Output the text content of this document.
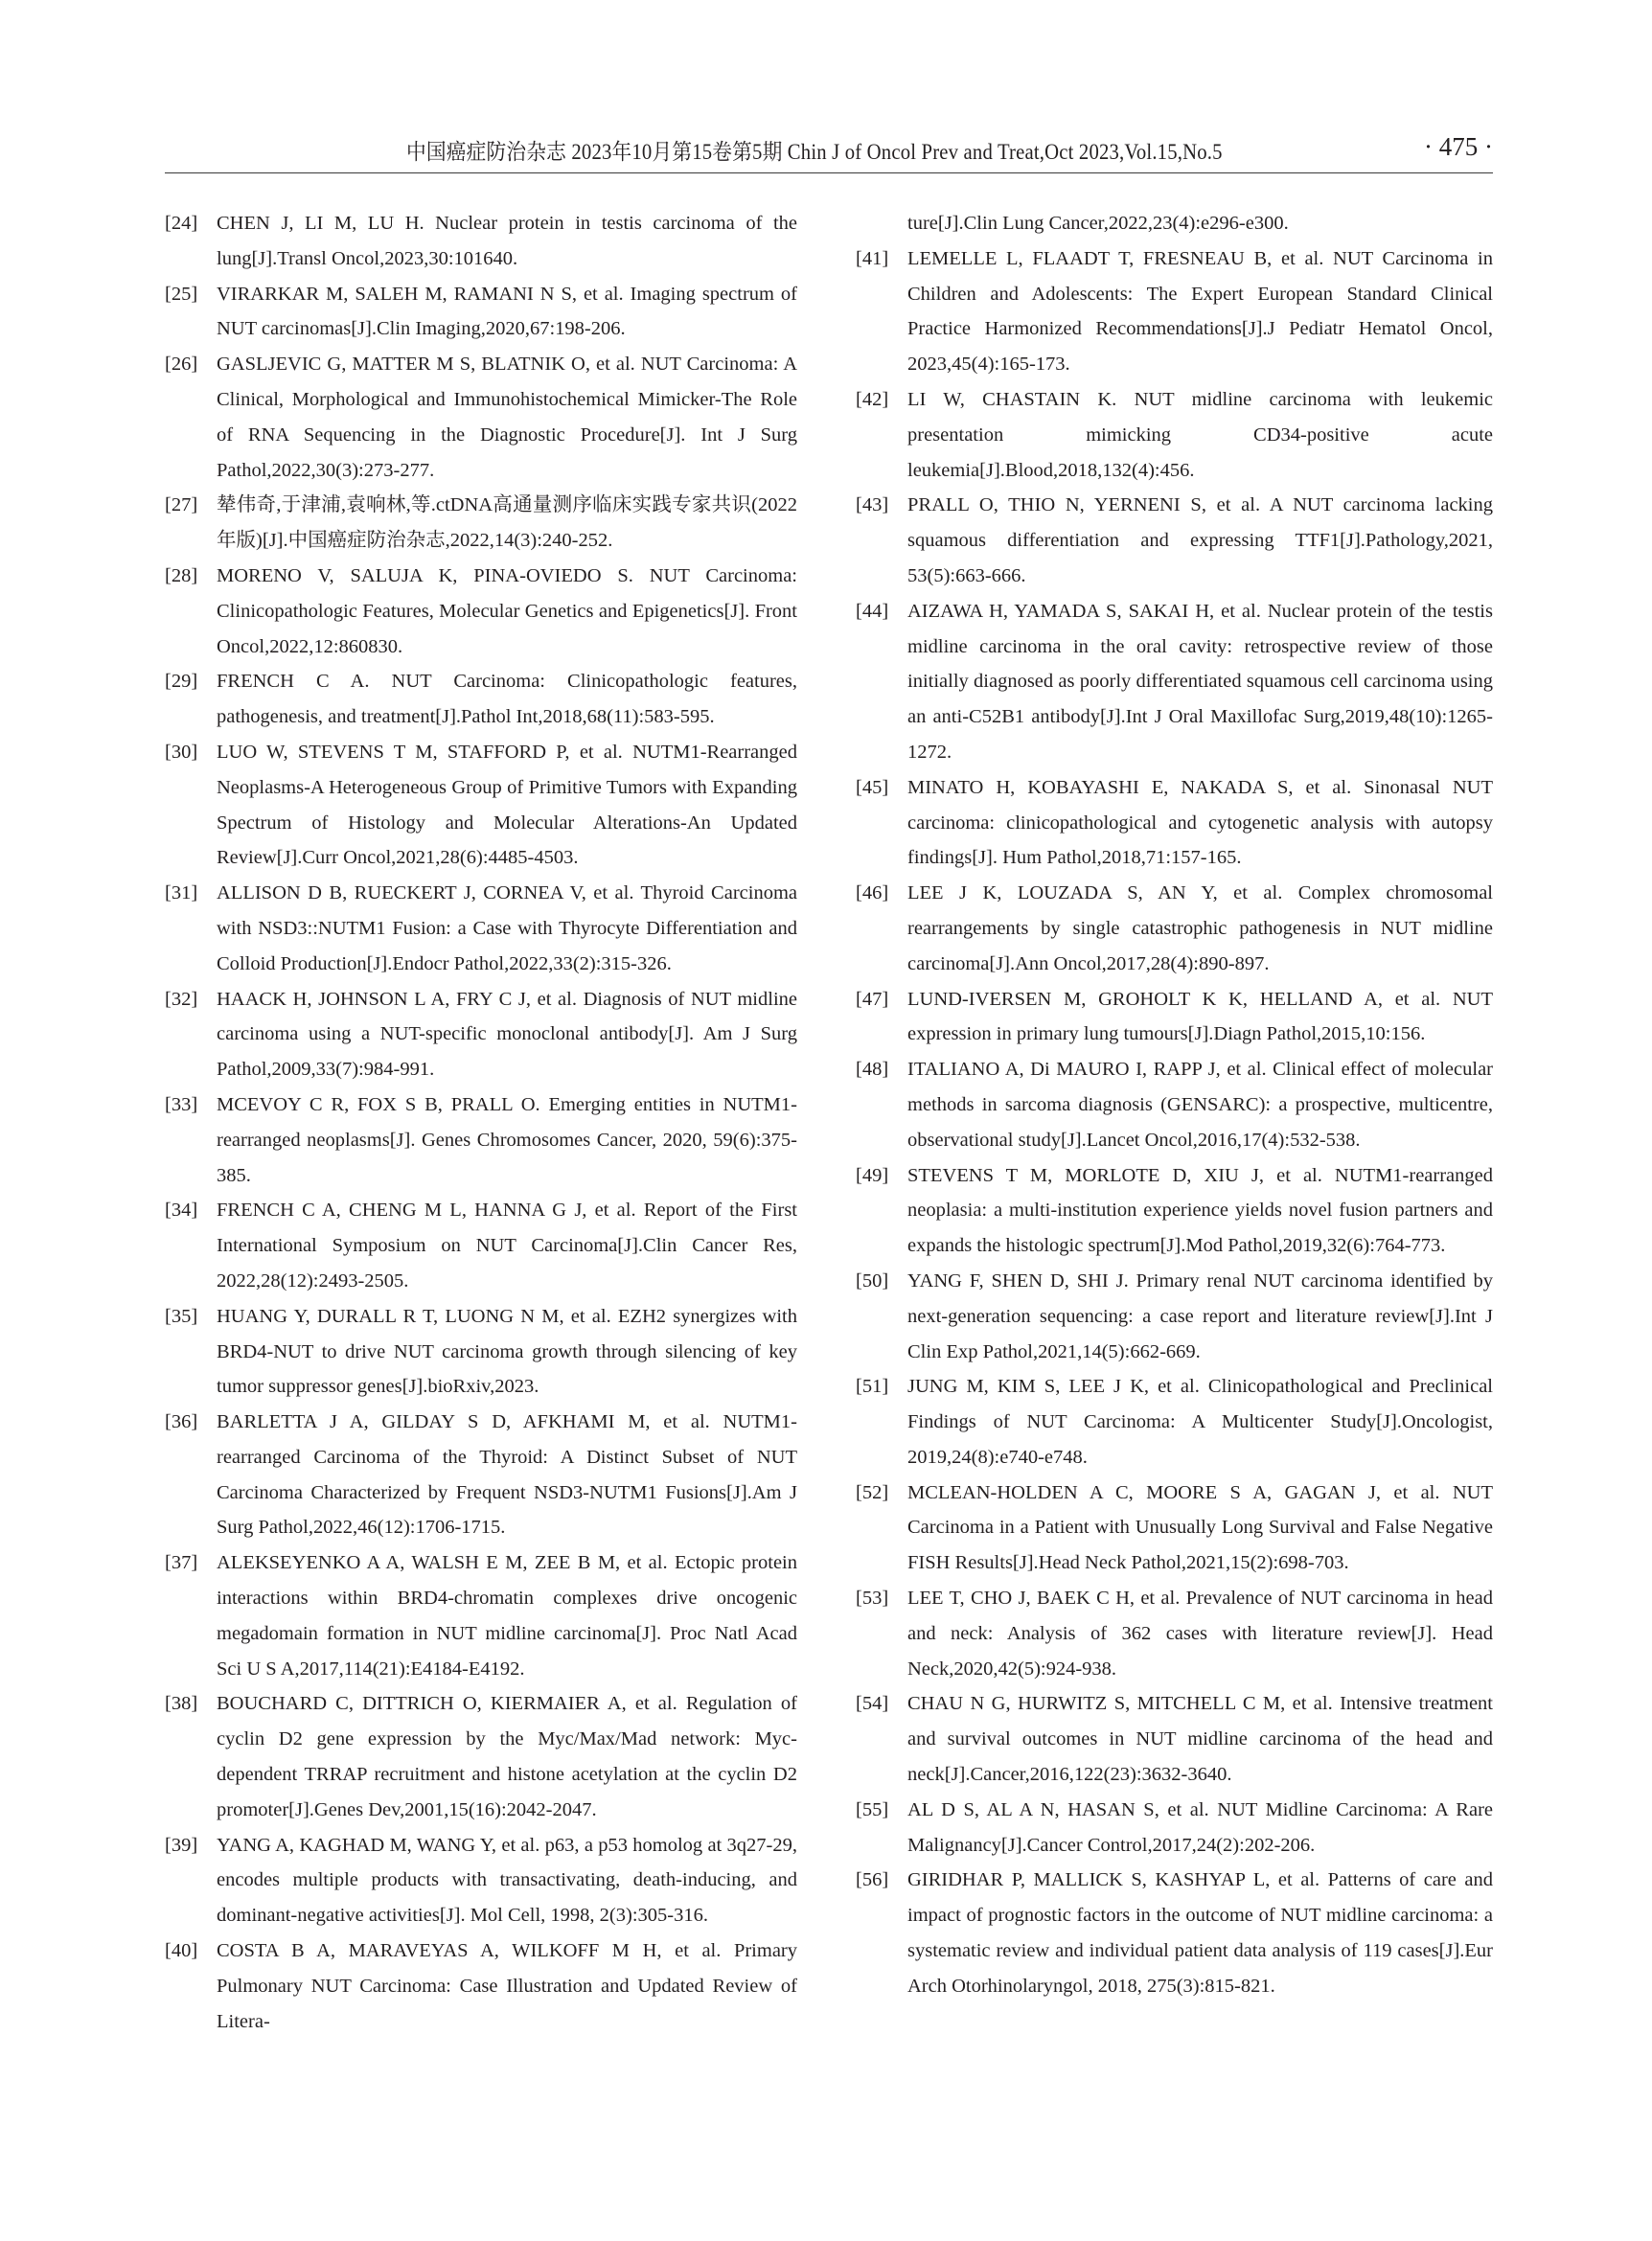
中国癌症防治杂志 2023年10月第15卷第5期 Chin J of Oncol Prev and Treat,Oct 2023,Vol.15,No.5	· 475 ·
[24] CHEN J, LI M, LU H. Nuclear protein in testis carcinoma of the lung[J].Transl Oncol,2023,30:101640.

[25] VIRARKAR M, SALEH M, RAMANI N S, et al. Imaging spectrum of NUT carcinomas[J].Clin Imaging,2020,67:198-206.

[26] GASLJEVIC G, MATTER M S, BLATNIK O, et al. NUT Carcinoma: A Clinical, Morphological and Immunohistochemical Mimicker-The Role of RNA Sequencing in the Diagnostic Procedure[J]. Int J Surg Pathol,2022,30(3):273-277.

[27] 辇伟奇,于津浦,袁响林,等.ctDNA高通量测序临床实践专家共识(2022年版)[J].中国癌症防治杂志,2022,14(3):240-252.

[28] MORENO V, SALUJA K, PINA-OVIEDO S. NUT Carcinoma: Clinicopathologic Features, Molecular Genetics and Epigenetics[J]. Front Oncol,2022,12:860830.

[29] FRENCH C A. NUT Carcinoma: Clinicopathologic features, pathogenesis, and treatment[J].Pathol Int,2018,68(11):583-595.

[30] LUO W, STEVENS T M, STAFFORD P, et al. NUTM1-Rearranged Neoplasms-A Heterogeneous Group of Primitive Tumors with Expanding Spectrum of Histology and Molecular Alterations-An Updated Review[J].Curr Oncol,2021,28(6):4485-4503.

[31] ALLISON D B, RUECKERT J, CORNEA V, et al. Thyroid Carcinoma with NSD3::NUTM1 Fusion: a Case with Thyrocyte Differentiation and Colloid Production[J].Endocr Pathol,2022,33(2):315-326.

[32] HAACK H, JOHNSON L A, FRY C J, et al. Diagnosis of NUT midline carcinoma using a NUT-specific monoclonal antibody[J]. Am J Surg Pathol,2009,33(7):984-991.

[33] MCEVOY C R, FOX S B, PRALL O. Emerging entities in NUTM1-rearranged neoplasms[J]. Genes Chromosomes Cancer, 2020, 59(6):375-385.

[34] FRENCH C A, CHENG M L, HANNA G J, et al. Report of the First International Symposium on NUT Carcinoma[J].Clin Cancer Res, 2022,28(12):2493-2505.

[35] HUANG Y, DURALL R T, LUONG N M, et al. EZH2 synergizes with BRD4-NUT to drive NUT carcinoma growth through silencing of key tumor suppressor genes[J].bioRxiv,2023.

[36] BARLETTA J A, GILDAY S D, AFKHAMI M, et al. NUTM1-rearranged Carcinoma of the Thyroid: A Distinct Subset of NUT Carcinoma Characterized by Frequent NSD3-NUTM1 Fusions[J].Am J Surg Pathol,2022,46(12):1706-1715.

[37] ALEKSEYENKO A A, WALSH E M, ZEE B M, et al. Ectopic protein interactions within BRD4-chromatin complexes drive oncogenic megadomain formation in NUT midline carcinoma[J]. Proc Natl Acad Sci U S A,2017,114(21):E4184-E4192.

[38] BOUCHARD C, DITTRICH O, KIERMAIER A, et al. Regulation of cyclin D2 gene expression by the Myc/Max/Mad network: Myc-dependent TRRAP recruitment and histone acetylation at the cyclin D2 promoter[J].Genes Dev,2001,15(16):2042-2047.

[39] YANG A, KAGHAD M, WANG Y, et al. p63, a p53 homolog at 3q27-29, encodes multiple products with transactivating, death-inducing, and dominant-negative activities[J]. Mol Cell, 1998, 2(3):305-316.

[40] COSTA B A, MARAVEYAS A, WILKOFF M H, et al. Primary Pulmonary NUT Carcinoma: Case Illustration and Updated Review of Litera-

ture[J].Clin Lung Cancer,2022,23(4):e296-e300.

[41] LEMELLE L, FLAADT T, FRESNEAU B, et al. NUT Carcinoma in Children and Adolescents: The Expert European Standard Clinical Practice Harmonized Recommendations[J].J Pediatr Hematol Oncol, 2023,45(4):165-173.

[42] LI W, CHASTAIN K. NUT midline carcinoma with leukemic presentation mimicking CD34-positive acute leukemia[J].Blood,2018,132(4):456.

[43] PRALL O, THIO N, YERNENI S, et al. A NUT carcinoma lacking squamous differentiation and expressing TTF1[J].Pathology,2021, 53(5):663-666.

[44] AIZAWA H, YAMADA S, SAKAI H, et al. Nuclear protein of the testis midline carcinoma in the oral cavity: retrospective review of those initially diagnosed as poorly differentiated squamous cell carcinoma using an anti-C52B1 antibody[J].Int J Oral Maxillofac Surg,2019,48(10):1265-1272.

[45] MINATO H, KOBAYASHI E, NAKADA S, et al. Sinonasal NUT carcinoma: clinicopathological and cytogenetic analysis with autopsy findings[J]. Hum Pathol,2018,71:157-165.

[46] LEE J K, LOUZADA S, AN Y, et al. Complex chromosomal rearrangements by single catastrophic pathogenesis in NUT midline carcinoma[J].Ann Oncol,2017,28(4):890-897.

[47] LUND-IVERSEN M, GROHOLT K K, HELLAND A, et al. NUT expression in primary lung tumours[J].Diagn Pathol,2015,10:156.

[48] ITALIANO A, Di MAURO I, RAPP J, et al. Clinical effect of molecular methods in sarcoma diagnosis (GENSARC): a prospective, multicentre, observational study[J].Lancet Oncol,2016,17(4):532-538.

[49] STEVENS T M, MORLOTE D, XIU J, et al. NUTM1-rearranged neoplasia: a multi-institution experience yields novel fusion partners and expands the histologic spectrum[J].Mod Pathol,2019,32(6):764-773.

[50] YANG F, SHEN D, SHI J. Primary renal NUT carcinoma identified by next-generation sequencing: a case report and literature review[J].Int J Clin Exp Pathol,2021,14(5):662-669.

[51] JUNG M, KIM S, LEE J K, et al. Clinicopathological and Preclinical Findings of NUT Carcinoma: A Multicenter Study[J].Oncologist, 2019,24(8):e740-e748.

[52] MCLEAN-HOLDEN A C, MOORE S A, GAGAN J, et al. NUT Carcinoma in a Patient with Unusually Long Survival and False Negative FISH Results[J].Head Neck Pathol,2021,15(2):698-703.

[53] LEE T, CHO J, BAEK C H, et al. Prevalence of NUT carcinoma in head and neck: Analysis of 362 cases with literature review[J]. Head Neck,2020,42(5):924-938.

[54] CHAU N G, HURWITZ S, MITCHELL C M, et al. Intensive treatment and survival outcomes in NUT midline carcinoma of the head and neck[J].Cancer,2016,122(23):3632-3640.

[55] AL D S, AL A N, HASAN S, et al. NUT Midline Carcinoma: A Rare Malignancy[J].Cancer Control,2017,24(2):202-206.

[56] GIRIDHAR P, MALLICK S, KASHYAP L, et al. Patterns of care and impact of prognostic factors in the outcome of NUT midline carcinoma: a systematic review and individual patient data analysis of 119 cases[J].Eur Arch Otorhinolaryngol, 2018, 275(3):815-821.
